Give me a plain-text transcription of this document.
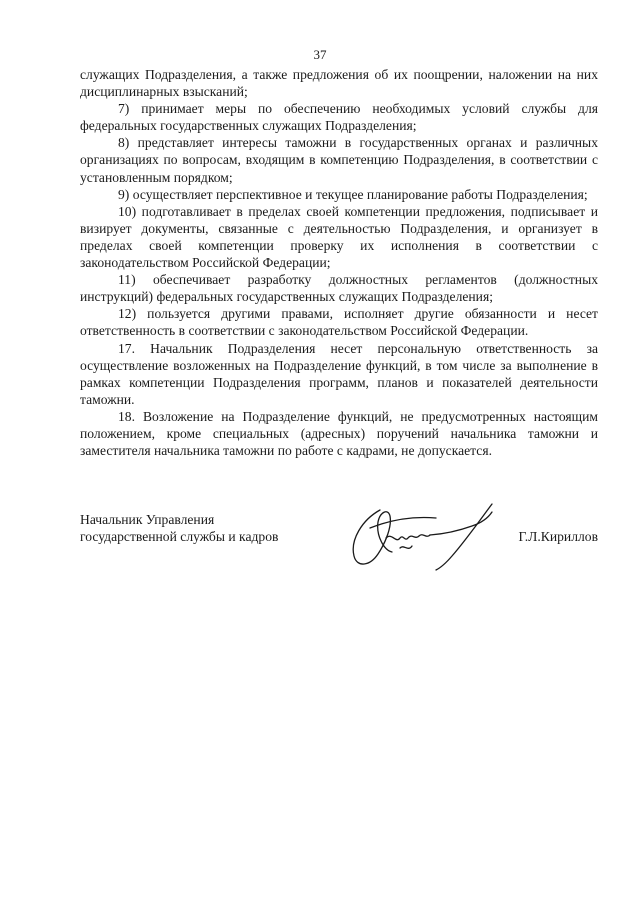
37

служащих Подразделения, а также предложения об их поощрении, наложении на них дисциплинарных взысканий;

7) принимает меры по обеспечению необходимых условий службы для федеральных государственных служащих Подразделения;

8) представляет интересы таможни в государственных органах и различных организациях по вопросам, входящим в компетенцию Подразделения, в соответствии с установленным порядком;

9) осуществляет перспективное и текущее планирование работы Подразделения;

10) подготавливает в пределах своей компетенции предложения, подписывает и визирует документы, связанные с деятельностью Подразделения, и организует в пределах своей компетенции проверку их исполнения в соответствии с законодательством Российской Федерации;

11) обеспечивает разработку должностных регламентов (должностных инструкций) федеральных государственных служащих Подразделения;

12) пользуется другими правами, исполняет другие обязанности и несет ответственность в соответствии с законодательством Российской Федерации.

17. Начальник Подразделения несет персональную ответственность за осуществление возложенных на Подразделение функций, в том числе за выполнение в рамках компетенции Подразделения программ, планов и показателей деятельности таможни.

18. Возложение на Подразделение функций, не предусмотренных настоящим положением, кроме специальных (адресных) поручений начальника таможни и заместителя начальника таможни по работе с кадрами, не допускается.

Начальник Управления
государственной службы и кадров	Г.Л.Кириллов
